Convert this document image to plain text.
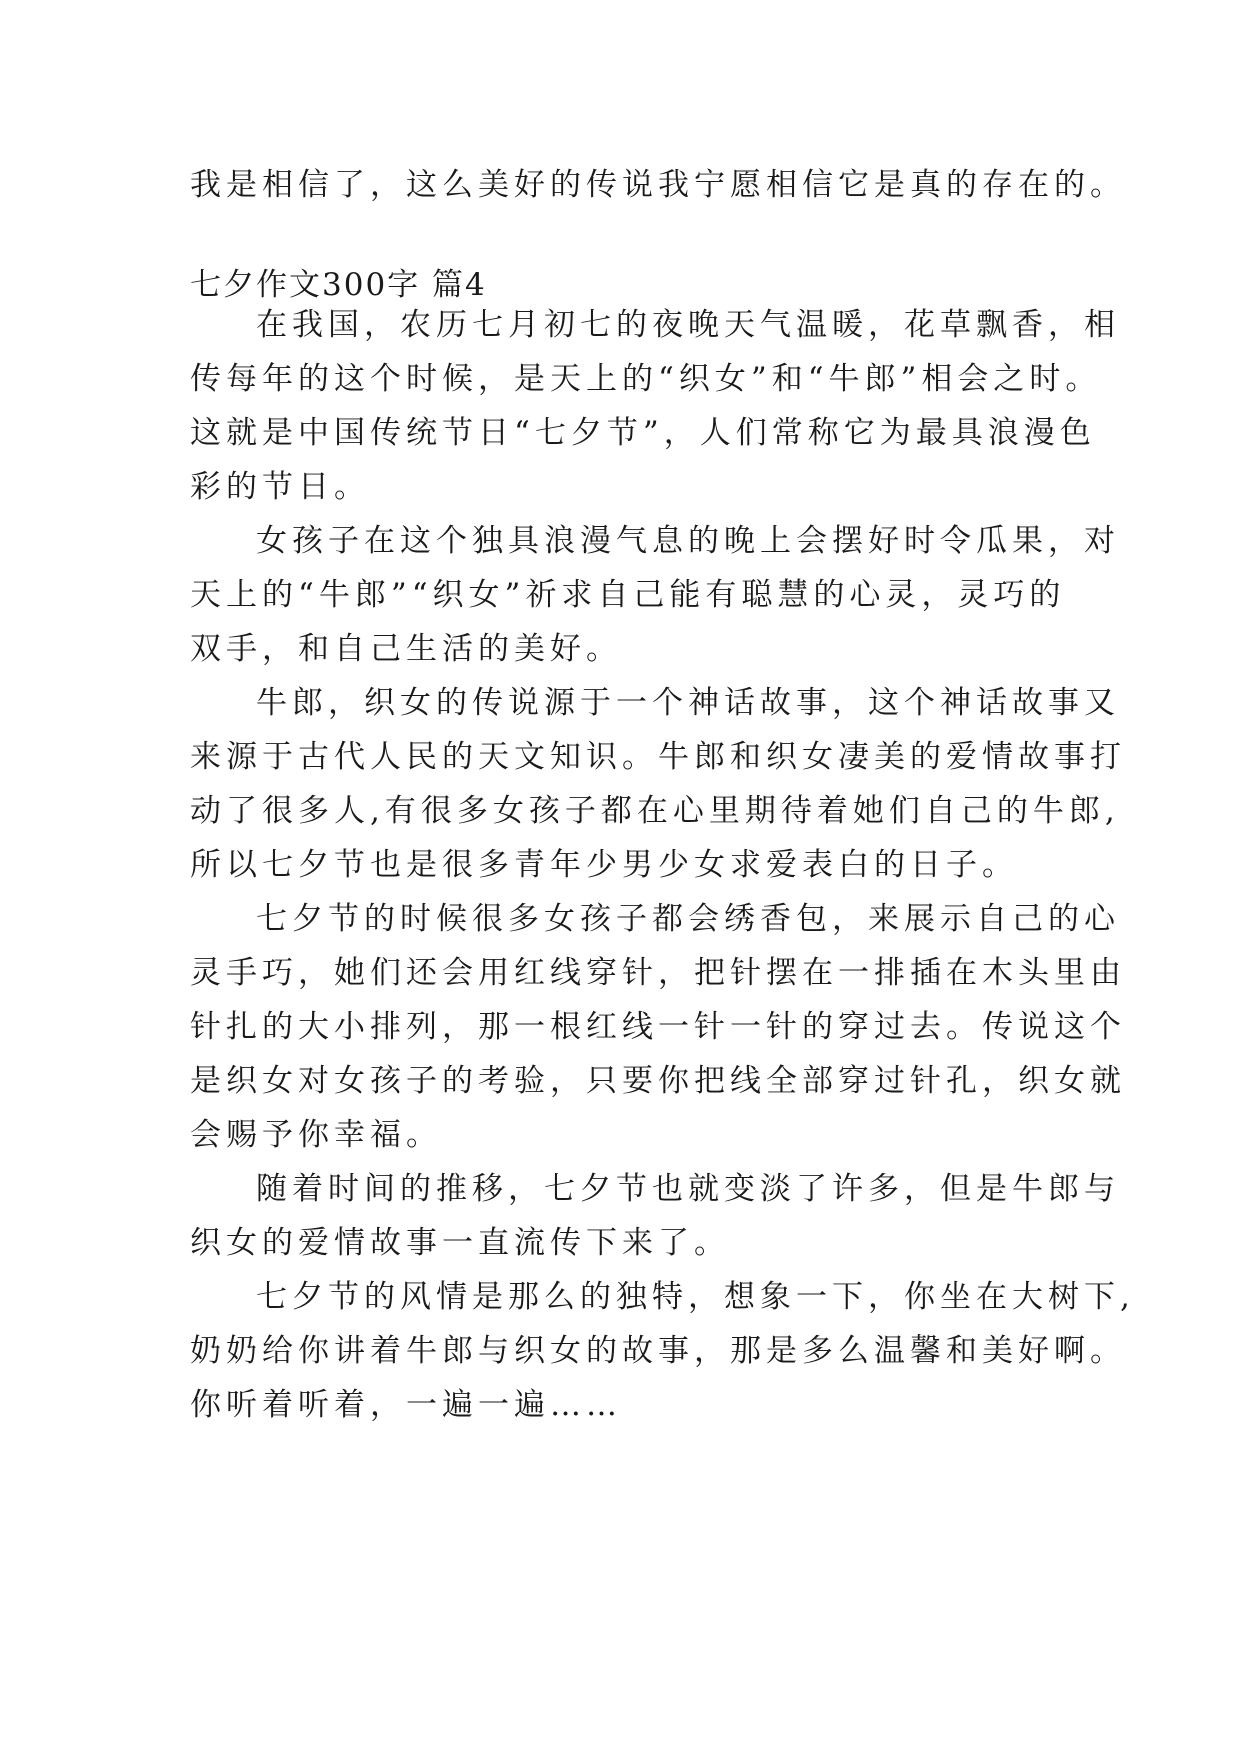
我是相信了，这么美好的传说我宁愿相信它是真的存在的。
七夕作文300字 篇4
在我国，农历七月初七的夜晚天气温暖，花草飘香，相
传每年的这个时候，是天上的“织女”和“牛郎”相会之时。
这就是中国传统节日“七夕节”，人们常称它为最具浪漫色
彩的节日。
女孩子在这个独具浪漫气息的晚上会摆好时令瓜果，对
天上的“牛郎”“织女”祈求自己能有聪慧的心灵，灵巧的
双手，和自己生活的美好。
牛郎，织女的传说源于一个神话故事，这个神话故事又
来源于古代人民的天文知识。牛郎和织女凄美的爱情故事打
动了很多人,有很多女孩子都在心里期待着她们自己的牛郎,
所以七夕节也是很多青年少男少女求爱表白的日子。
七夕节的时候很多女孩子都会绣香包，来展示自己的心
灵手巧，她们还会用红线穿针，把针摆在一排插在木头里由
针扎的大小排列，那一根红线一针一针的穿过去。传说这个
是织女对女孩子的考验，只要你把线全部穿过针孔，织女就
会赐予你幸福。
随着时间的推移，七夕节也就变淡了许多，但是牛郎与
织女的爱情故事一直流传下来了。
七夕节的风情是那么的独特，想象一下，你坐在大树下,
奶奶给你讲着牛郎与织女的故事，那是多么温馨和美好啊。
你听着听着，一遍一遍……
